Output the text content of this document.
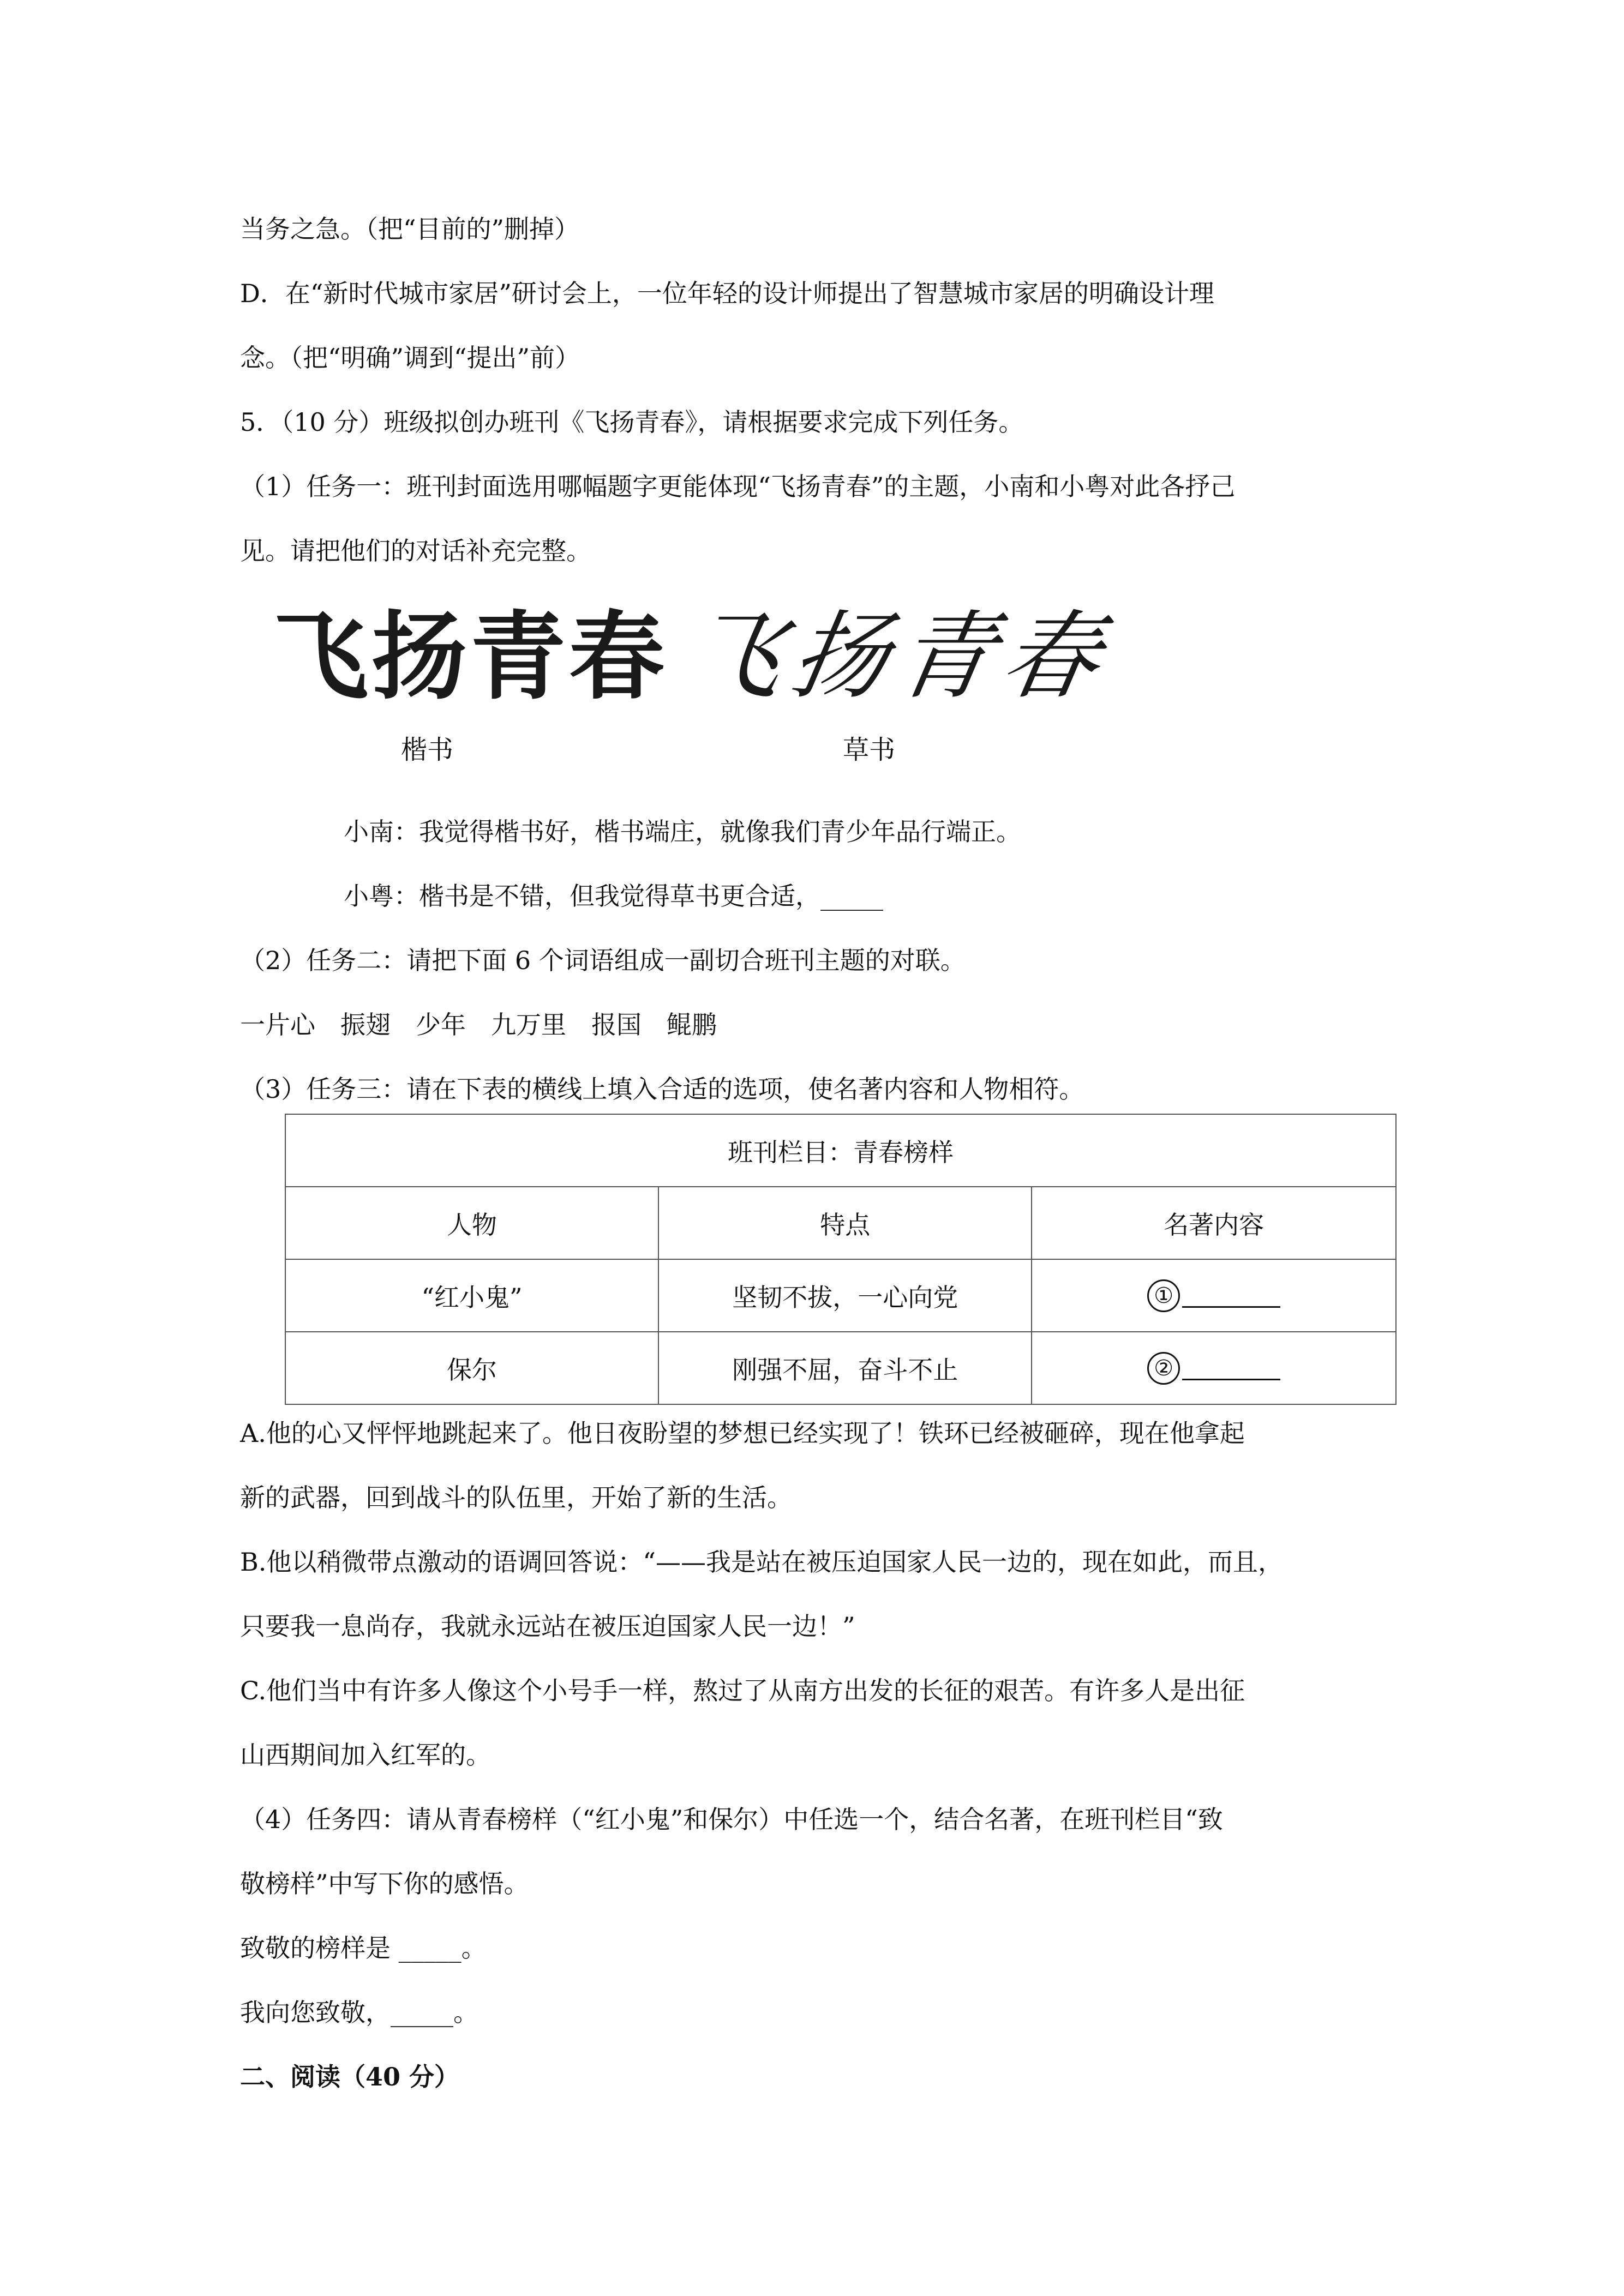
当务之急。（把“目前的”删掉）
D．在“新时代城市家居”研讨会上，一位年轻的设计师提出了智慧城市家居的明确设计理
念。（把“明确”调到“提出”前）
5．（10 分）班级拟创办班刊《飞扬青春》，请根据要求完成下列任务。
（1）任务一：班刊封面选用哪幅题字更能体现“飞扬青春”的主题，小南和小粤对此各抒己
见。请把他们的对话补充完整。
飞扬青春 飞扬青春
楷书	草书
小南：我觉得楷书好，楷书端庄，就像我们青少年品行端正。
小粤：楷书是不错，但我觉得草书更合适，_____
（2）任务二：请把下面 6 个词语组成一副切合班刊主题的对联。
一片心　振翅　少年　九万里　报国　鲲鹏
（3）任务三：请在下表的横线上填入合适的选项，使名著内容和人物相符。
班刊栏目：青春榜样		
人物	特点	名著内容
“红小鬼”	坚韧不拔，一心向党	①
保尔	刚强不屈，奋斗不止	②
A.他的心又怦怦地跳起来了。他日夜盼望的梦想已经实现了！铁环已经被砸碎，现在他拿起
新的武器，回到战斗的队伍里，开始了新的生活。
B.他以稍微带点激动的语调回答说：“——我是站在被压迫国家人民一边的，现在如此，而且，
只要我一息尚存，我就永远站在被压迫国家人民一边！”
C.他们当中有许多人像这个小号手一样，熬过了从南方出发的长征的艰苦。有许多人是出征
山西期间加入红军的。
（4）任务四：请从青春榜样（“红小鬼”和保尔）中任选一个，结合名著，在班刊栏目“致
敬榜样”中写下你的感悟。
致敬的榜样是 _____。
我向您致敬，_____。
二、阅读（40 分）
